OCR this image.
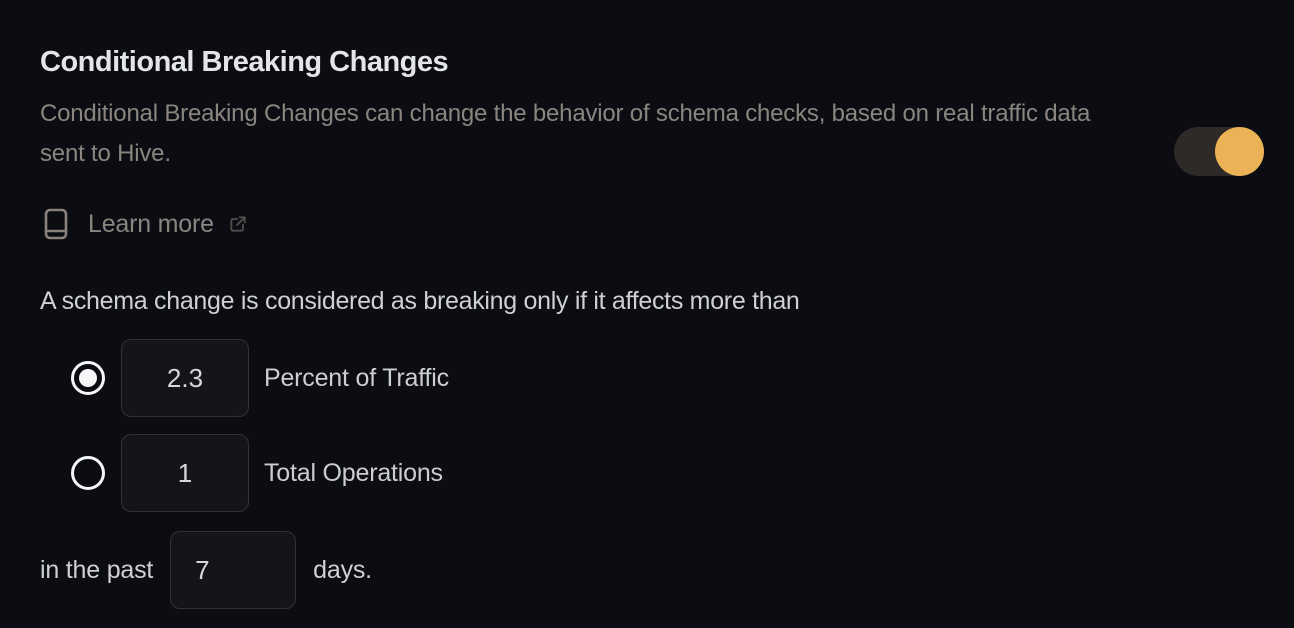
Conditional Breaking Changes

Conditional Breaking Changes can change the behavior of schema checks, based on real traffic data sent to Hive.

Learn more

A schema change is considered as breaking only if it affects more than

2.3
Percent of Traffic
1
Total Operations
in the past
7	days.
